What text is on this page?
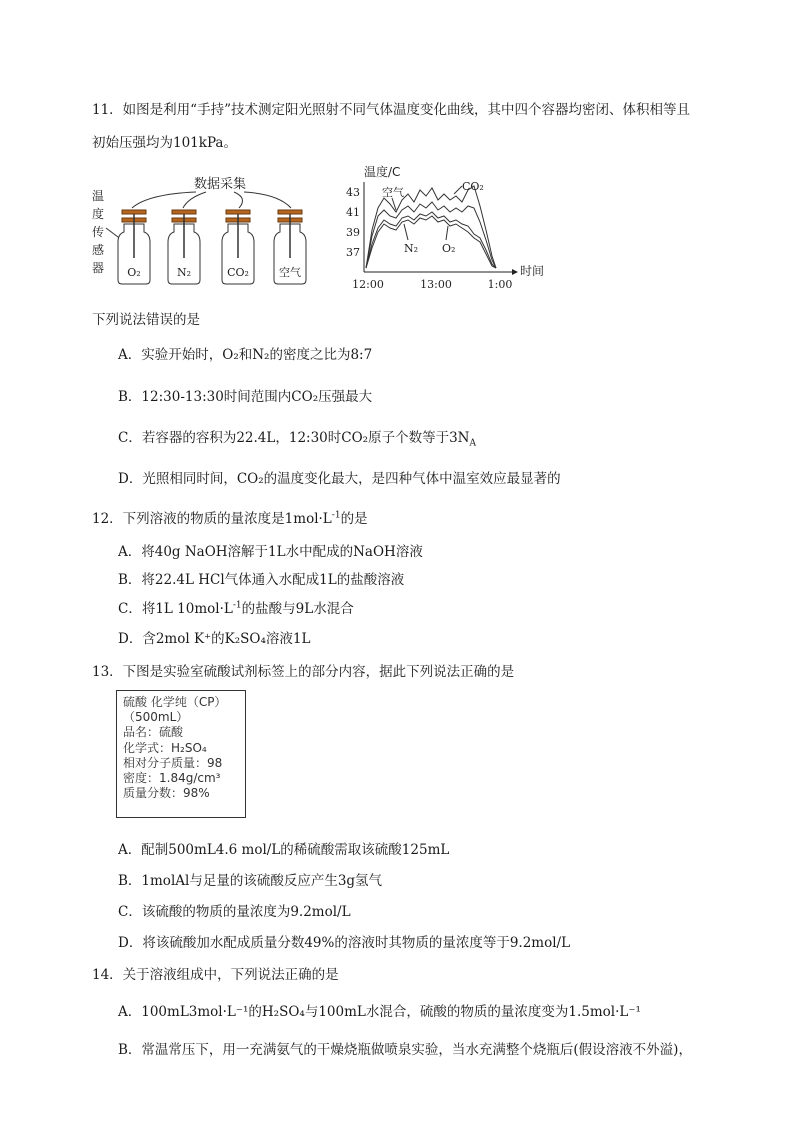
11．如图是利用“手持”技术测定阳光照射不同气体温度变化曲线，其中四个容器均密闭、体积相等且
初始压强均为101kPa。
数据采集
温
度
传
感
器 O₂	N₂	CO₂	空气
温度/C
时间
43
41
39
37
12:00	13:00	1:00
空气	CO₂
N₂ O₂
下列说法错误的是
A．实验开始时，O₂和N₂的密度之比为8:7
B．12:30-13:30时间范围内CO₂压强最大
C．若容器的容积为22.4L，12:30时CO₂原子个数等于$3N_A$
D．光照相同时间，CO₂的温度变化最大，是四种气体中温室效应最显著的
12．下列溶液的物质的量浓度是$1mol\cdot L^{-1}$的是
A．将40g NaOH溶解于1L水中配成的NaOH溶液
B．将22.4L HCl气体通入水配成1L的盐酸溶液
C．将1L $10mol\cdot L^{-1}$的盐酸与9L水混合
D．含2mol K⁺的K₂SO₄溶液1L
13．下图是实验室硫酸试剂标签上的部分内容，据此下列说法正确的是
硫酸 化学纯（CP）
（500mL）
品名：硫酸
化学式：H₂SO₄
相对分子质量：98
密度：1.84g/cm³
质量分数：98%
A．配制500mL4.6 mol/L的稀硫酸需取该硫酸125mL
B．1molAl与足量的该硫酸反应产生3g氢气
C．该硫酸的物质的量浓度为9.2mol/L
D．将该硫酸加水配成质量分数49%的溶液时其物质的量浓度等于9.2mol/L
14．关于溶液组成中，下列说法正确的是
A．100mL3mol·L⁻¹的H₂SO₄与100mL水混合，硫酸的物质的量浓度变为1.5mol·L⁻¹
B．常温常压下，用一充满氨气的干燥烧瓶做喷泉实验，当水充满整个烧瓶后(假设溶液不外溢)，
